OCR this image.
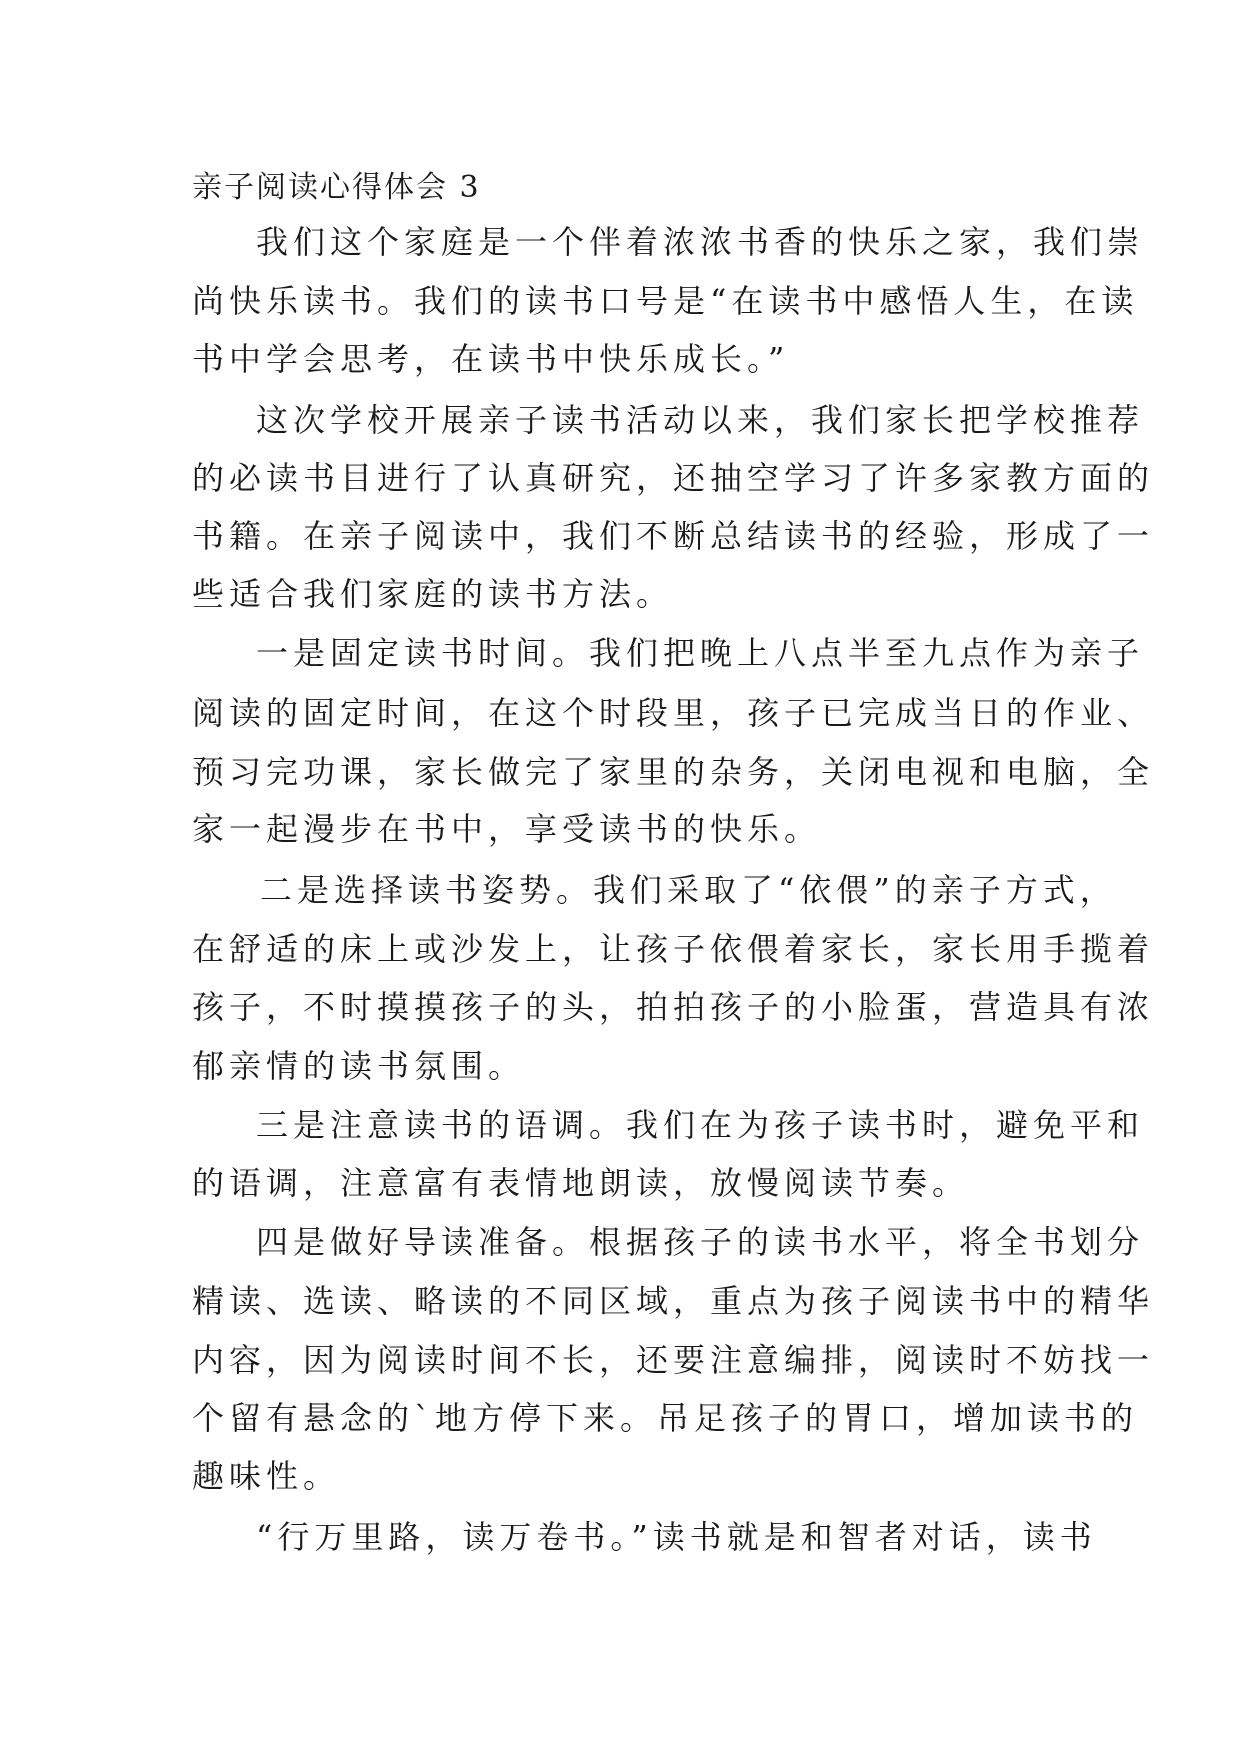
亲子阅读心得体会 3
我们这个家庭是一个伴着浓浓书香的快乐之家，我们崇
尚快乐读书。我们的读书口号是“在读书中感悟人生，在读
书中学会思考，在读书中快乐成长。”
这次学校开展亲子读书活动以来，我们家长把学校推荐
的必读书目进行了认真研究，还抽空学习了许多家教方面的
书籍。在亲子阅读中，我们不断总结读书的经验，形成了一
些适合我们家庭的读书方法。
一是固定读书时间。我们把晚上八点半至九点作为亲子
阅读的固定时间，在这个时段里，孩子已完成当日的作业、
预习完功课，家长做完了家里的杂务，关闭电视和电脑，全
家一起漫步在书中，享受读书的快乐。
二是选择读书姿势。我们采取了“依偎”的亲子方式，
在舒适的床上或沙发上，让孩子依偎着家长，家长用手揽着
孩子，不时摸摸孩子的头，拍拍孩子的小脸蛋，营造具有浓
郁亲情的读书氛围。
三是注意读书的语调。我们在为孩子读书时，避免平和
的语调，注意富有表情地朗读，放慢阅读节奏。
四是做好导读准备。根据孩子的读书水平，将全书划分
精读、选读、略读的不同区域，重点为孩子阅读书中的精华
内容，因为阅读时间不长，还要注意编排，阅读时不妨找一
个留有悬念的`地方停下来。吊足孩子的胃口，增加读书的
趣味性。
“行万里路，读万卷书。”读书就是和智者对话，读书
